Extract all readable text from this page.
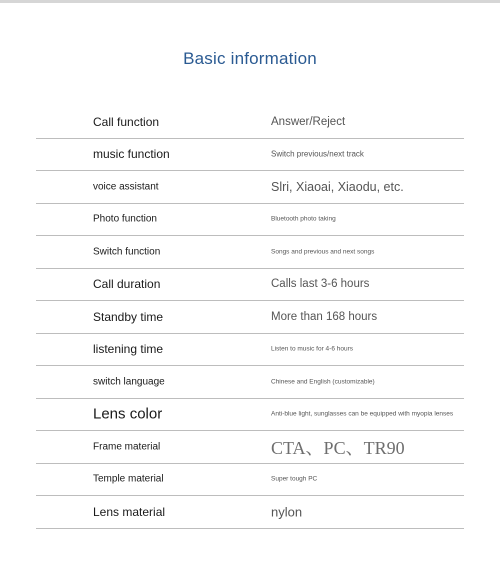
Basic information
Call function	Answer/Reject
music function	Switch previous/next track
voice assistant	Slri, Xiaoai, Xiaodu, etc.
Photo function	Bluetooth photo taking
Switch function	Songs and previous and next songs
Call duration	Calls last 3-6 hours
Standby time	More than 168 hours
listening time	Listen to music for 4-6 hours
switch language	Chinese and English (customizable)
Lens color	Anti-blue light, sunglasses can be equipped with myopia lenses
Frame material	CTA、PC、TR90
Temple material	Super tough PC
Lens material	nylon
